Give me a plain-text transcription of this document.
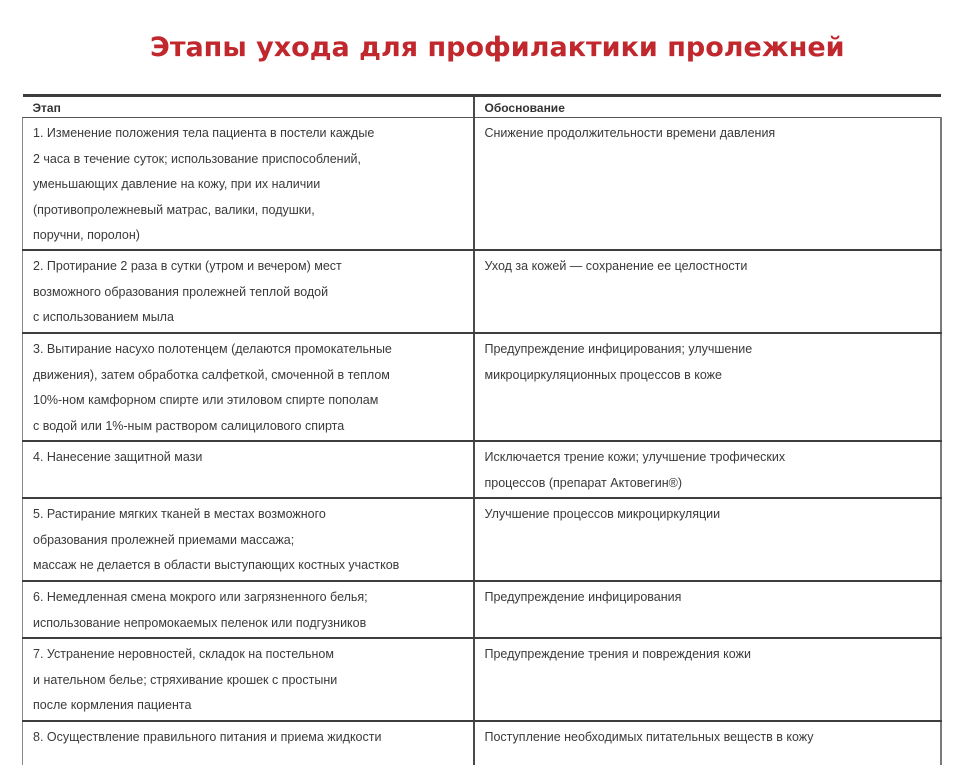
Этапы ухода для профилактики пролежней
Этап	Обоснование

1. Изменение положения тела пациента в постели каждые
2 часа в течение суток; использование приспособлений,
уменьшающих давление на кожу, при их наличии
(противопролежневый матрас, валики, подушки,
поручни, поролон)	Снижение продолжительности времени давления

2. Протирание 2 раза в сутки (утром и вечером) мест
возможного образования пролежней теплой водой
с использованием мыла	Уход за кожей — сохранение ее целостности

3. Вытирание насухо полотенцем (делаются промокательные
движения), затем обработка салфеткой, смоченной в теплом
10%-ном камфорном спирте или этиловом спирте пополам
с водой или 1%-ным раствором салицилового спирта	Предупреждение инфицирования; улучшение
микроциркуляционных процессов в коже

4. Нанесение защитной мази	Исключается трение кожи; улучшение трофических
процессов (препарат Актовегин®)

5. Растирание мягких тканей в местах возможного
образования пролежней приемами массажа;
массаж не делается в области выступающих костных участков	Улучшение процессов микроциркуляции

6. Немедленная смена мокрого или загрязненного белья;
использование непромокаемых пеленок или подгузников	Предупреждение инфицирования

7. Устранение неровностей, складок на постельном
и нательном белье; стряхивание крошек с простыни
после кормления пациента	Предупреждение трения и повреждения кожи

8. Осуществление правильного питания и приема жидкости	Поступление необходимых питательных веществ в кожу
